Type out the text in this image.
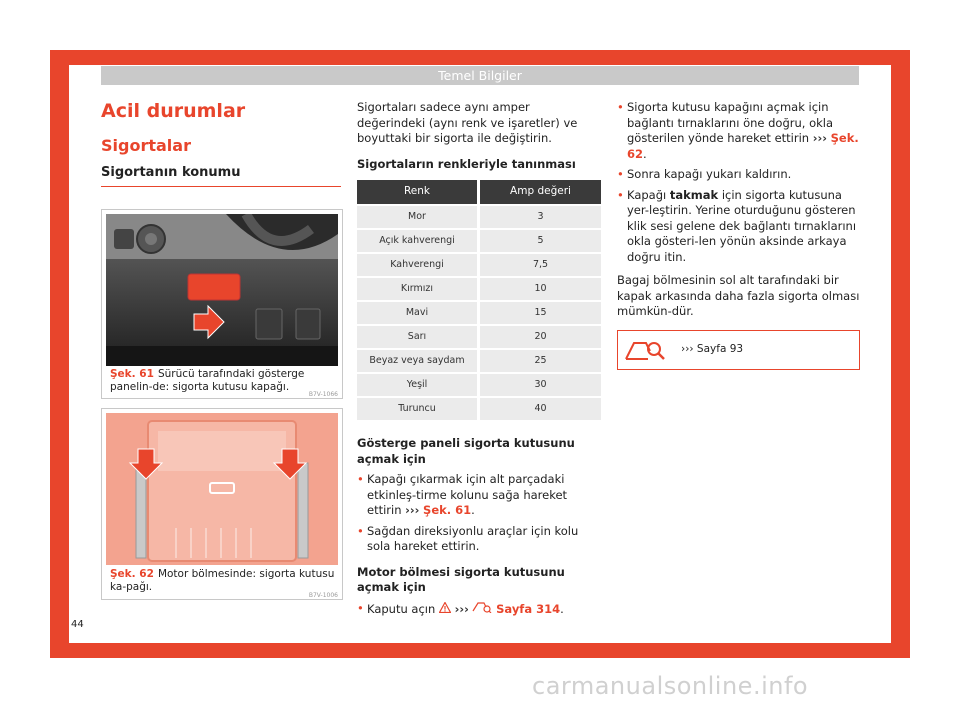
Temel Bilgiler
Acil durumlar
Sigortalar
Sigortanın konumu
Şek. 61 Sürücü tarafındaki gösterge panelin-de: sigorta kutusu kapağı.
B7V-1066
Şek. 62 Motor bölmesinde: sigorta kutusu ka-pağı.
B7V-1006

Sigortaları sadece aynı amper değerindeki (aynı renk ve işaretler) ve boyuttaki bir sigorta ile değiştirin.

Sigortaların renkleriyle tanınması

Renk	Amp değeri
Mor	3
Açık kahverengi	5
Kahverengi	7,5
Kırmızı	10
Mavi	15
Sarı	20
Beyaz veya saydam	25
Yeşil	30
Turuncu	40

Gösterge paneli sigorta kutusunu açmak için

• Kapağı çıkarmak için alt parçadaki etkinleş-tirme kolunu sağa hareket ettirin ››› Şek. 61.
• Sağdan direksiyonlu araçlar için kolu sola hareket ettirin.

Motor bölmesi sigorta kutusunu açmak için

• Kaputu açın ››› Sayfa 314.
• Sigorta kutusu kapağını açmak için bağlantı tırnaklarını öne doğru, okla gösterilen yönde hareket ettirin ››› Şek. 62.
• Sonra kapağı yukarı kaldırın.
• Kapağı takmak için sigorta kutusuna yer-leştirin. Yerine oturduğunu gösteren klik sesi gelene dek bağlantı tırnaklarını okla gösteri-len yönün aksinde arkaya doğru itin.

Bagaj bölmesinin sol alt tarafındaki bir kapak arkasında daha fazla sigorta olması mümkün-dür.

››› Sayfa 93
44
carmanualsonline.info
